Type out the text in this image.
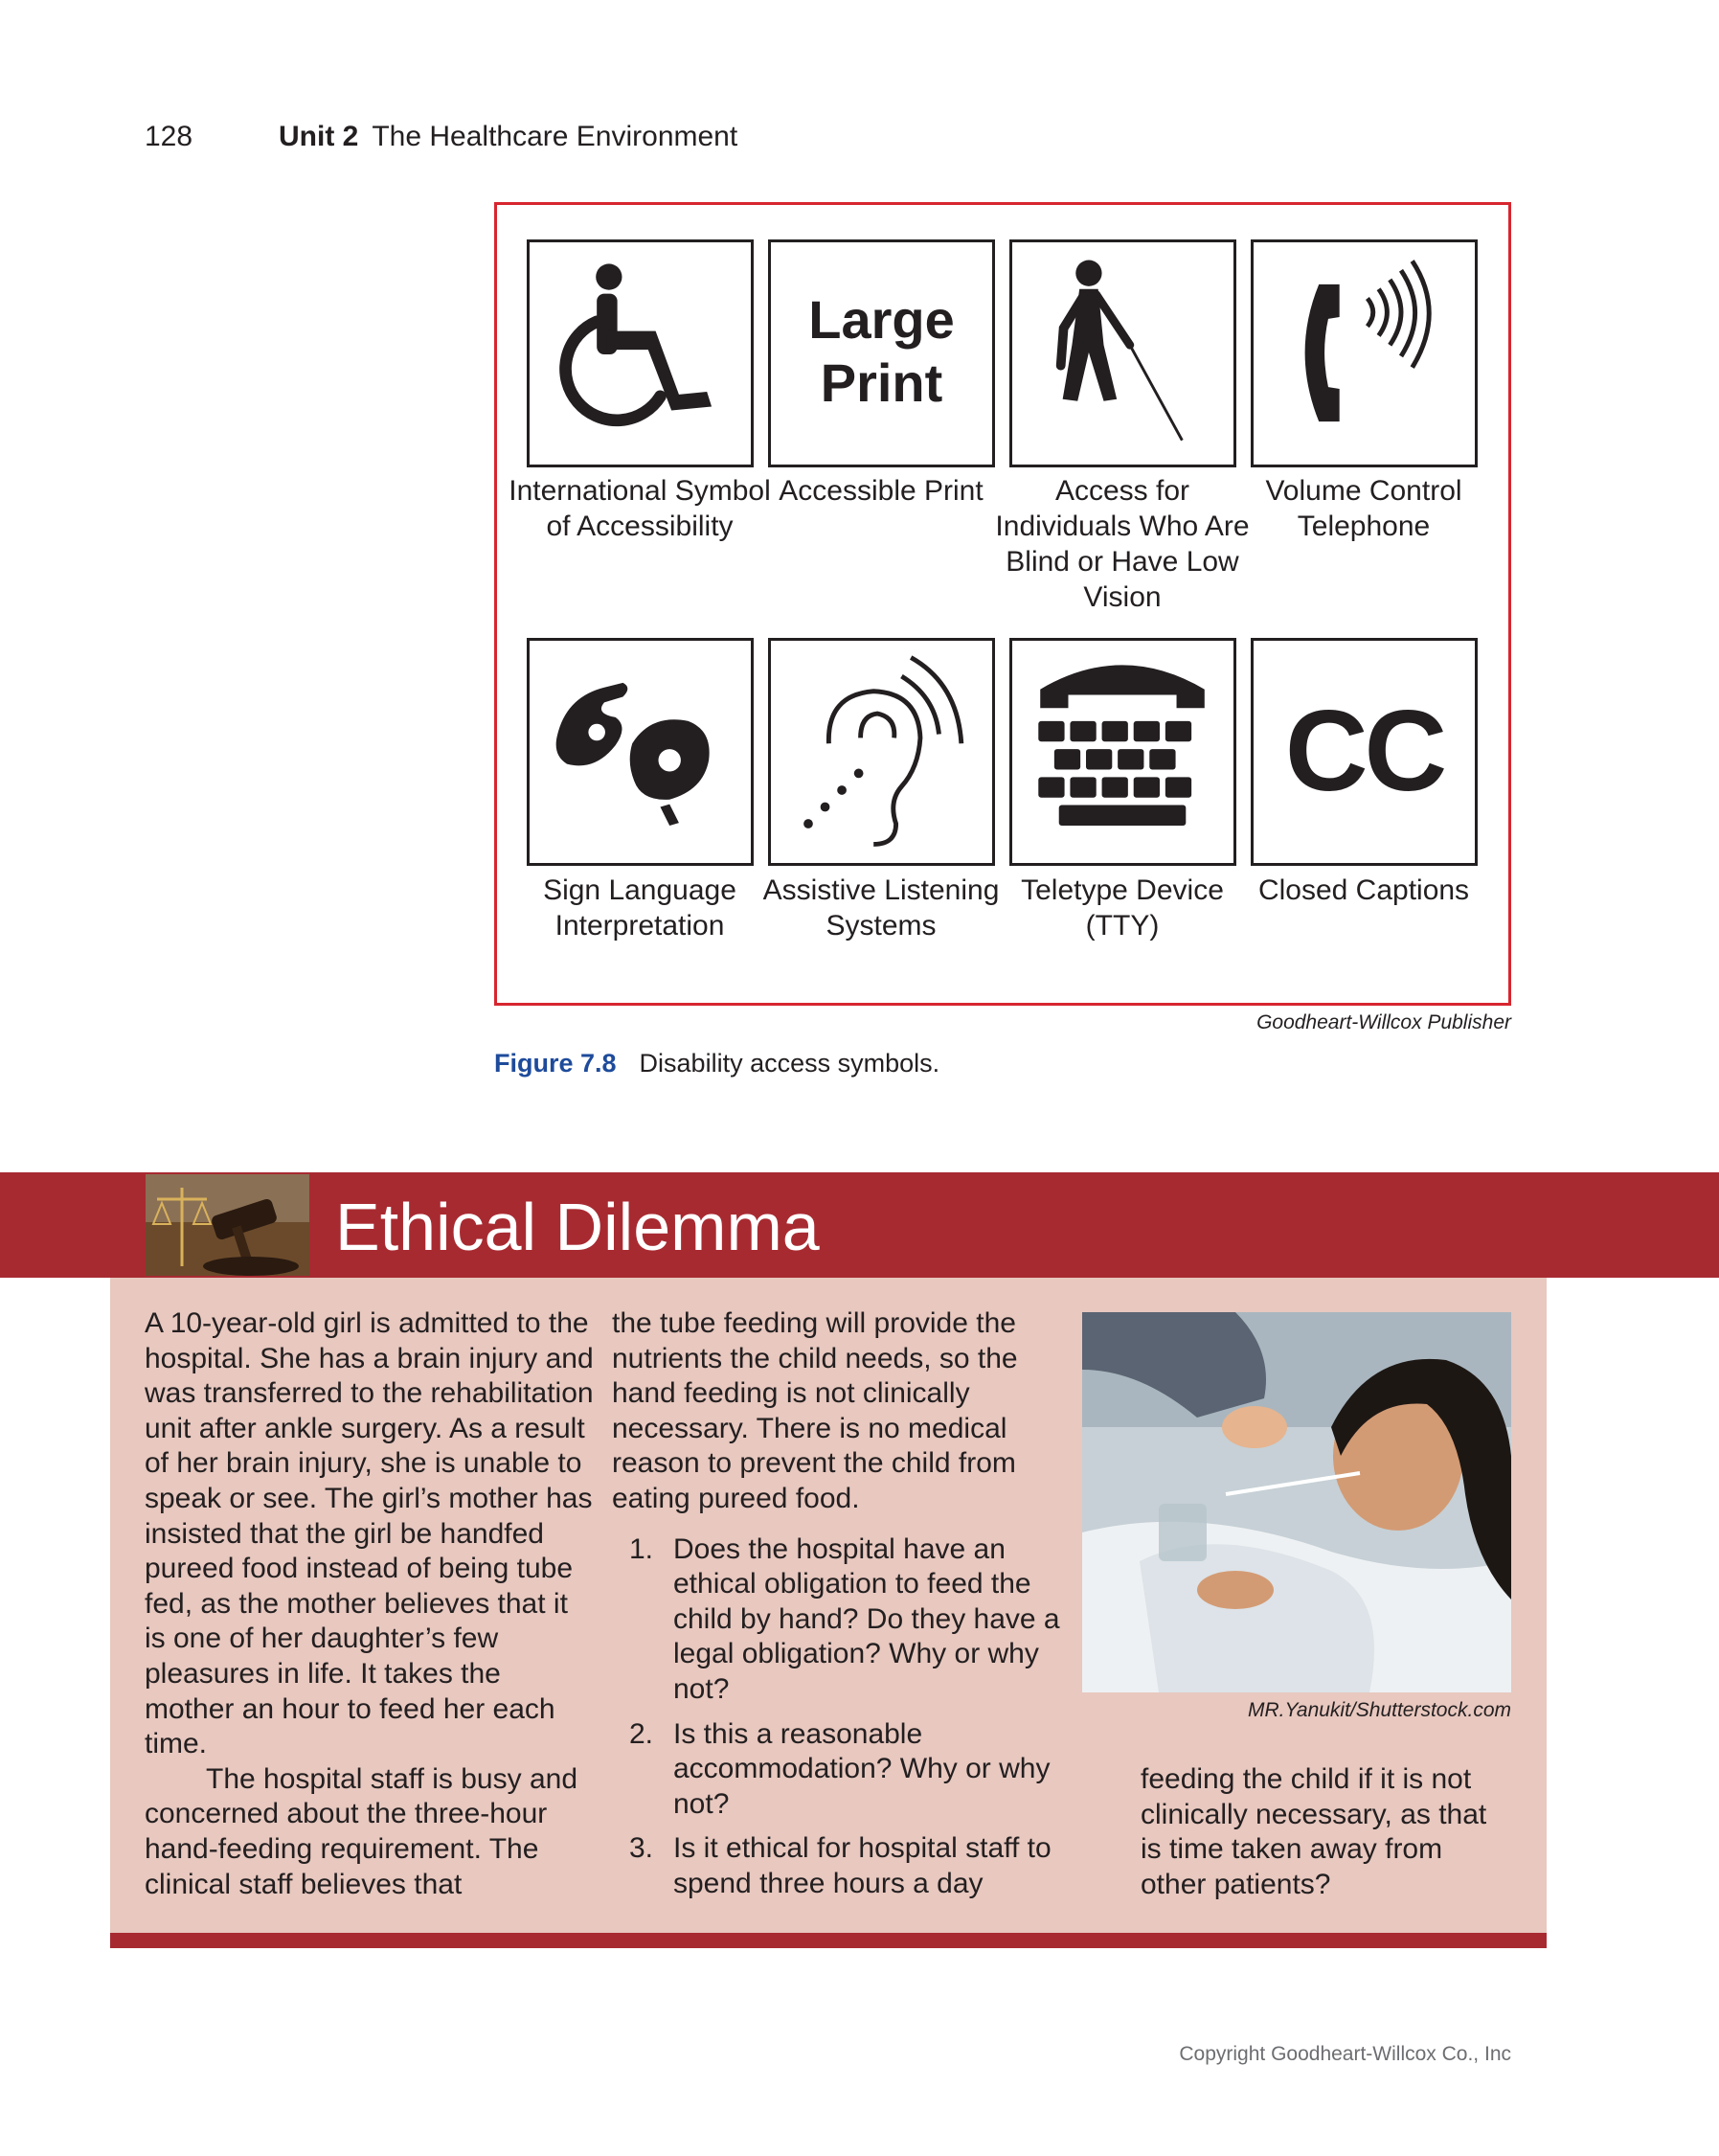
128	Unit 2 The Healthcare Environment
Large
Print
International Symbol of Accessibility
Accessible Print	Access for Individuals Who Are Blind or Have Low Vision
Volume Control Telephone
CC
Sign Language Interpretation
Assistive Listening Systems
Teletype Device (TTY)
Closed Captions
Goodheart-Willcox Publisher
Figure 7.8 Disability access symbols.
Ethical Dilemma

A 10-year-old girl is admitted to the hospital. She has a brain injury and was transferred to the rehabilitation unit after ankle surgery. As a result of her brain injury, she is unable to speak or see. The girl’s mother has insisted that the girl be handfed pureed food instead of being tube fed, as the mother believes that it is one of her daughter’s few pleasures in life. It takes the mother an hour to feed her each time.

The hospital staff is busy and concerned about the three-hour hand-feeding requirement. The clinical staff believes that

the tube feeding will provide the nutrients the child needs, so the hand feeding is not clinically necessary. There is no medical reason to prevent the child from eating pureed food.

1. Does the hospital have an ethical obligation to feed the child by hand? Do they have a legal obligation? Why or why not?
2. Is this a reasonable accommodation? Why or why not?
3. Is it ethical for hospital staff to spend three hours a day
MR.Yanukit/Shutterstock.com

feeding the child if it is not clinically necessary, as that is time taken away from other patients?

Copyright Goodheart-Willcox Co., Inc
